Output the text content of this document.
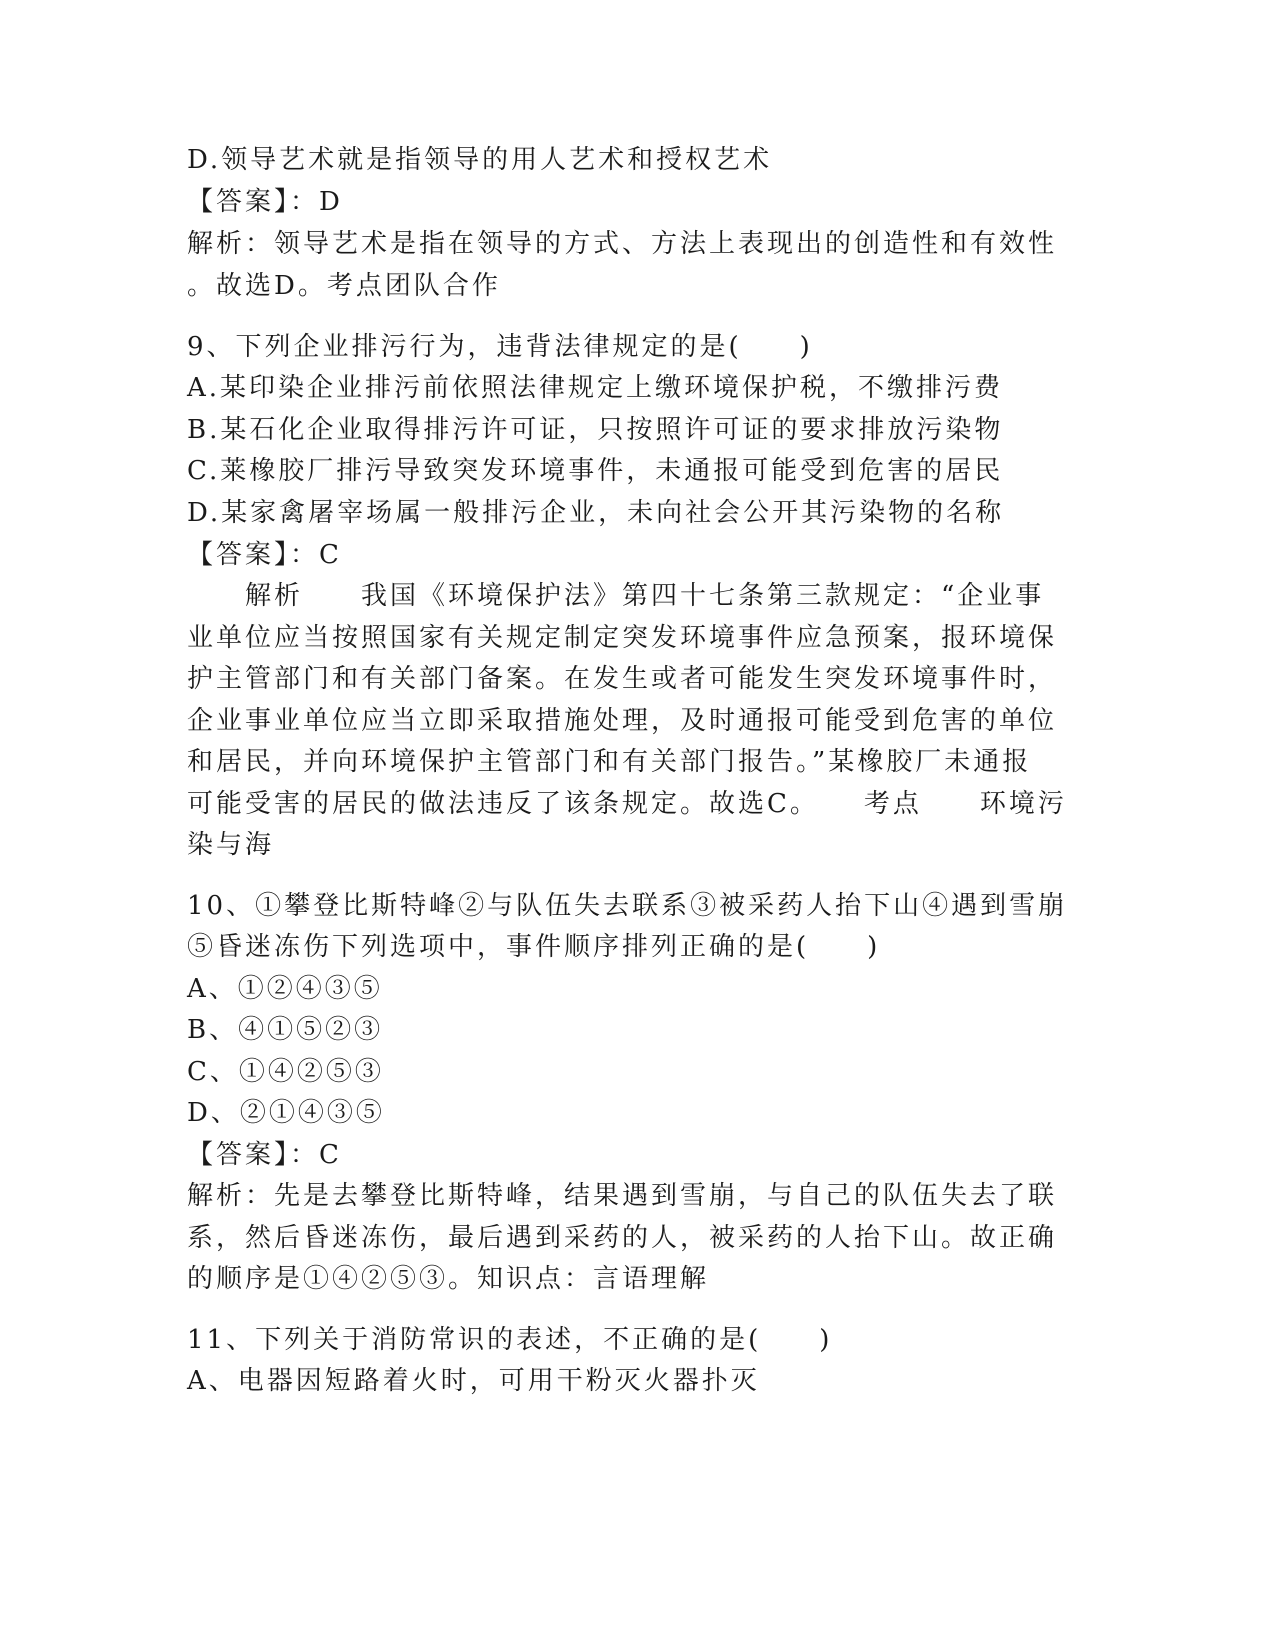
D.领导艺术就是指领导的用人艺术和授权艺术
【答案】：D
解析：领导艺术是指在领导的方式、方法上表现出的创造性和有效性
。故选D。考点团队合作
9、下列企业排污行为，违背法律规定的是(　　)
A.某印染企业排污前依照法律规定上缴环境保护税，不缴排污费
B.某石化企业取得排污许可证，只按照许可证的要求排放污染物
C.莱橡胶厂排污导致突发环境事件，未通报可能受到危害的居民
D.某家禽屠宰场属一般排污企业，未向社会公开其污染物的名称
【答案】：C
　　解析　　我国《环境保护法》第四十七条第三款规定：“企业事
业单位应当按照国家有关规定制定突发环境事件应急预案，报环境保
护主管部门和有关部门备案。在发生或者可能发生突发环境事件时，
企业事业单位应当立即采取措施处理，及时通报可能受到危害的单位
和居民，并向环境保护主管部门和有关部门报告。”某橡胶厂未通报
可能受害的居民的做法违反了该条规定。故选C。　　考点　　环境污
染与海
10、①攀登比斯特峰②与队伍失去联系③被采药人抬下山④遇到雪崩
⑤昏迷冻伤下列选项中，事件顺序排列正确的是(　　)
A、①②④③⑤
B、④①⑤②③
C、①④②⑤③
D、②①④③⑤
【答案】：C
解析：先是去攀登比斯特峰，结果遇到雪崩，与自己的队伍失去了联
系，然后昏迷冻伤，最后遇到采药的人，被采药的人抬下山。故正确
的顺序是①④②⑤③。知识点：言语理解
11、下列关于消防常识的表述，不正确的是(　　)
A、电器因短路着火时，可用干粉灭火器扑灭
